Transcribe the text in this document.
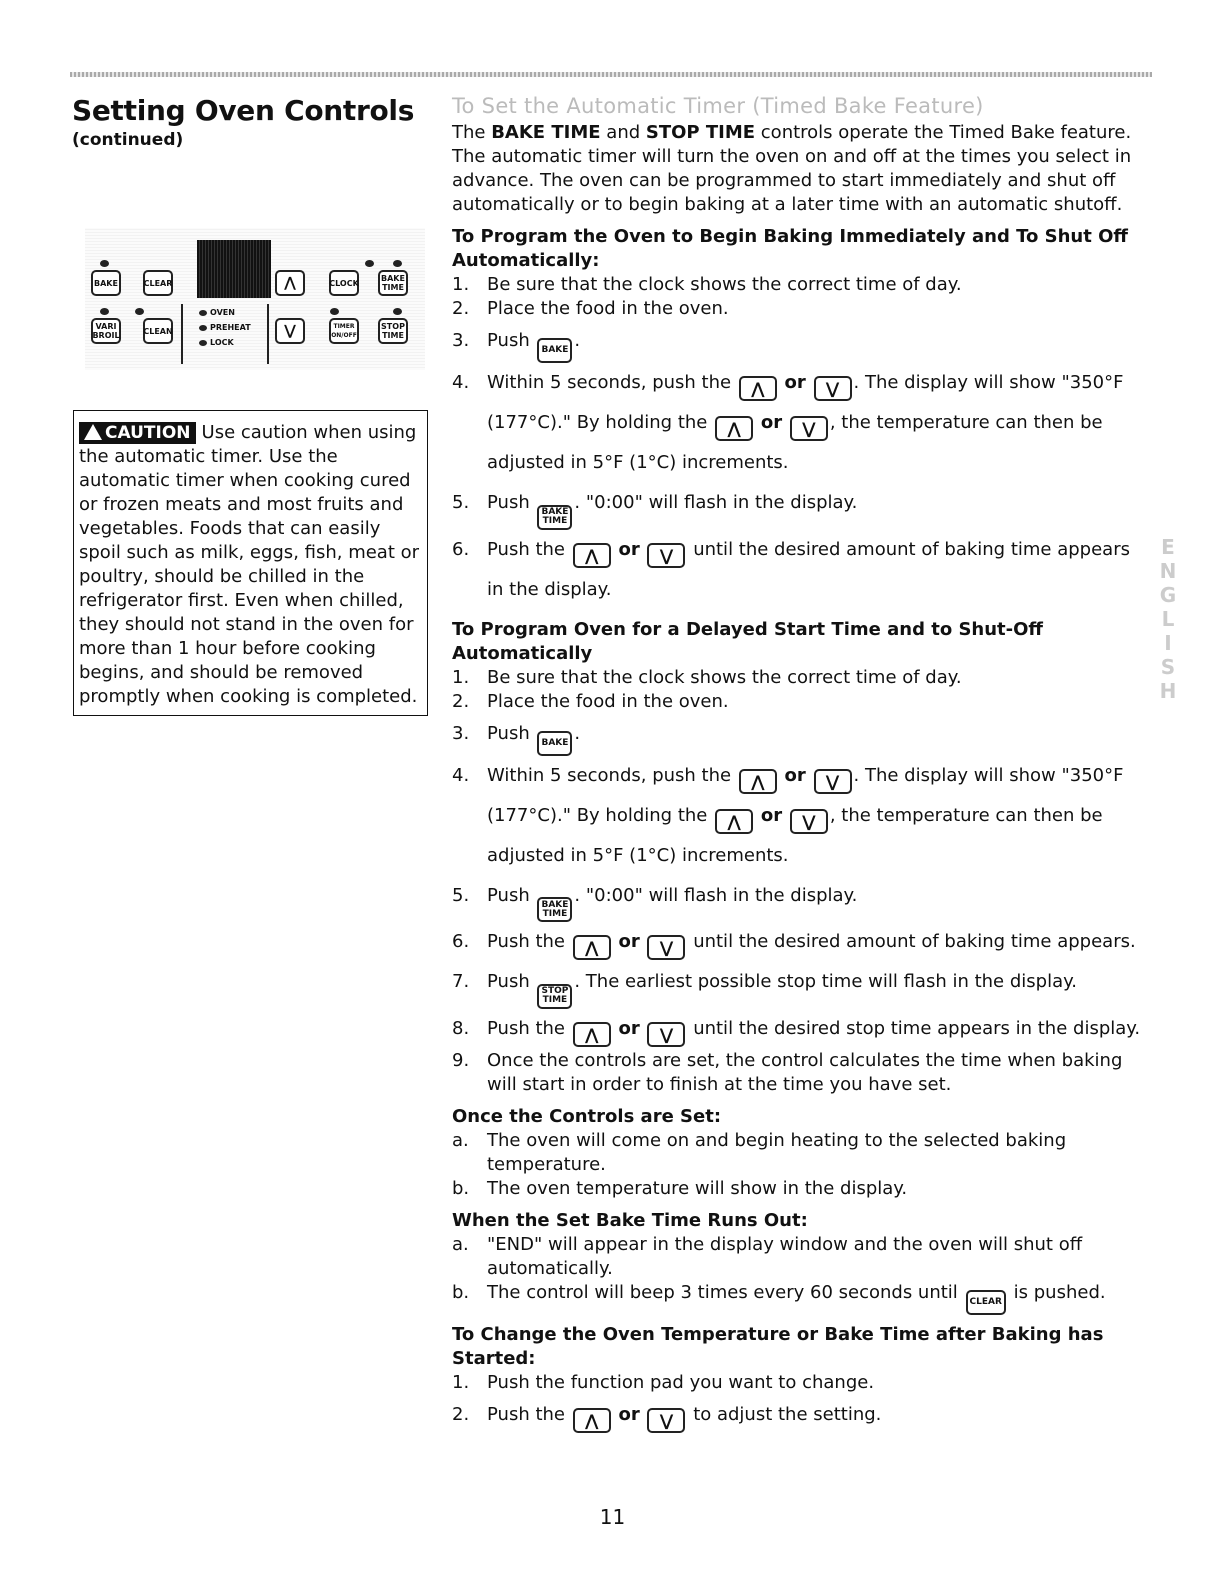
Setting Oven Controls
(continued)
BAKE	CLEAR	⋀	CLOCK	BAKE
TIME
VARI
BROIL	CLEAN
OVEN
PREHEAT
LOCK
⋁	TIMER
ON/OFF
STOP
TIME
CAUTION Use caution when using the automatic timer. Use the automatic timer when cooking cured or frozen meats and most fruits and vegetables. Foods that can easily spoil such as milk, eggs, fish, meat or poultry, should be chilled in the refrigerator first. Even when chilled, they should not stand in the oven for more than 1 hour before cooking begins, and should be removed promptly when cooking is completed.
To Set the Automatic Timer (Timed Bake Feature)

The BAKE TIME and STOP TIME controls operate the Timed Bake feature. The automatic timer will turn the oven on and off at the times you select in advance. The oven can be programmed to start immediately and shut off automatically or to begin baking at a later time with an automatic shutoff.

To Program the Oven to Begin Baking Immediately and To Shut Off Automatically:
1. Be sure that the clock shows the correct time of day.
2. Place the food in the oven.
3. Push BAKE .
4. Within 5 seconds, push the ⋀ or ⋁ . The display will show "350°F (177°C)." By holding the ⋀ or ⋁ , the temperature can then be adjusted in 5°F (1°C) increments.
5. Push BAKE
TIME. "0:00" will flash in the display.
6. Push the ⋀ or ⋁ until the desired amount of baking time appears in the display.
To Program Oven for a Delayed Start Time and to Shut-Off Automatically
1. Be sure that the clock shows the correct time of day.
2. Place the food in the oven.
3. Push BAKE .
4. Within 5 seconds, push the ⋀ or ⋁ . The display will show "350°F (177°C)." By holding the ⋀ or ⋁ , the temperature can then be adjusted in 5°F (1°C) increments.
5. Push BAKE
TIME. "0:00" will flash in the display.
6. Push the ⋀ or ⋁ until the desired amount of baking time appears.
7. Push STOP
TIME. The earliest possible stop time will flash in the display.
8. Push the ⋀ or ⋁ until the desired stop time appears in the display.
9. Once the controls are set, the control calculates the time when baking will start in order to finish at the time you have set.
Once the Controls are Set:
a.	The oven will come on and begin heating to the selected baking temperature.
b. The oven temperature will show in the display.
When the Set Bake Time Runs Out:
a.	"END" will appear in the display window and the oven will shut off automatically.
b. The control will beep 3 times every 60 seconds until CLEAR is pushed.
To Change the Oven Temperature or Bake Time after Baking has Started:
1. Push the function pad you want to change.
2. Push the ⋀ or ⋁ to adjust the setting.
ENGLISH
11
